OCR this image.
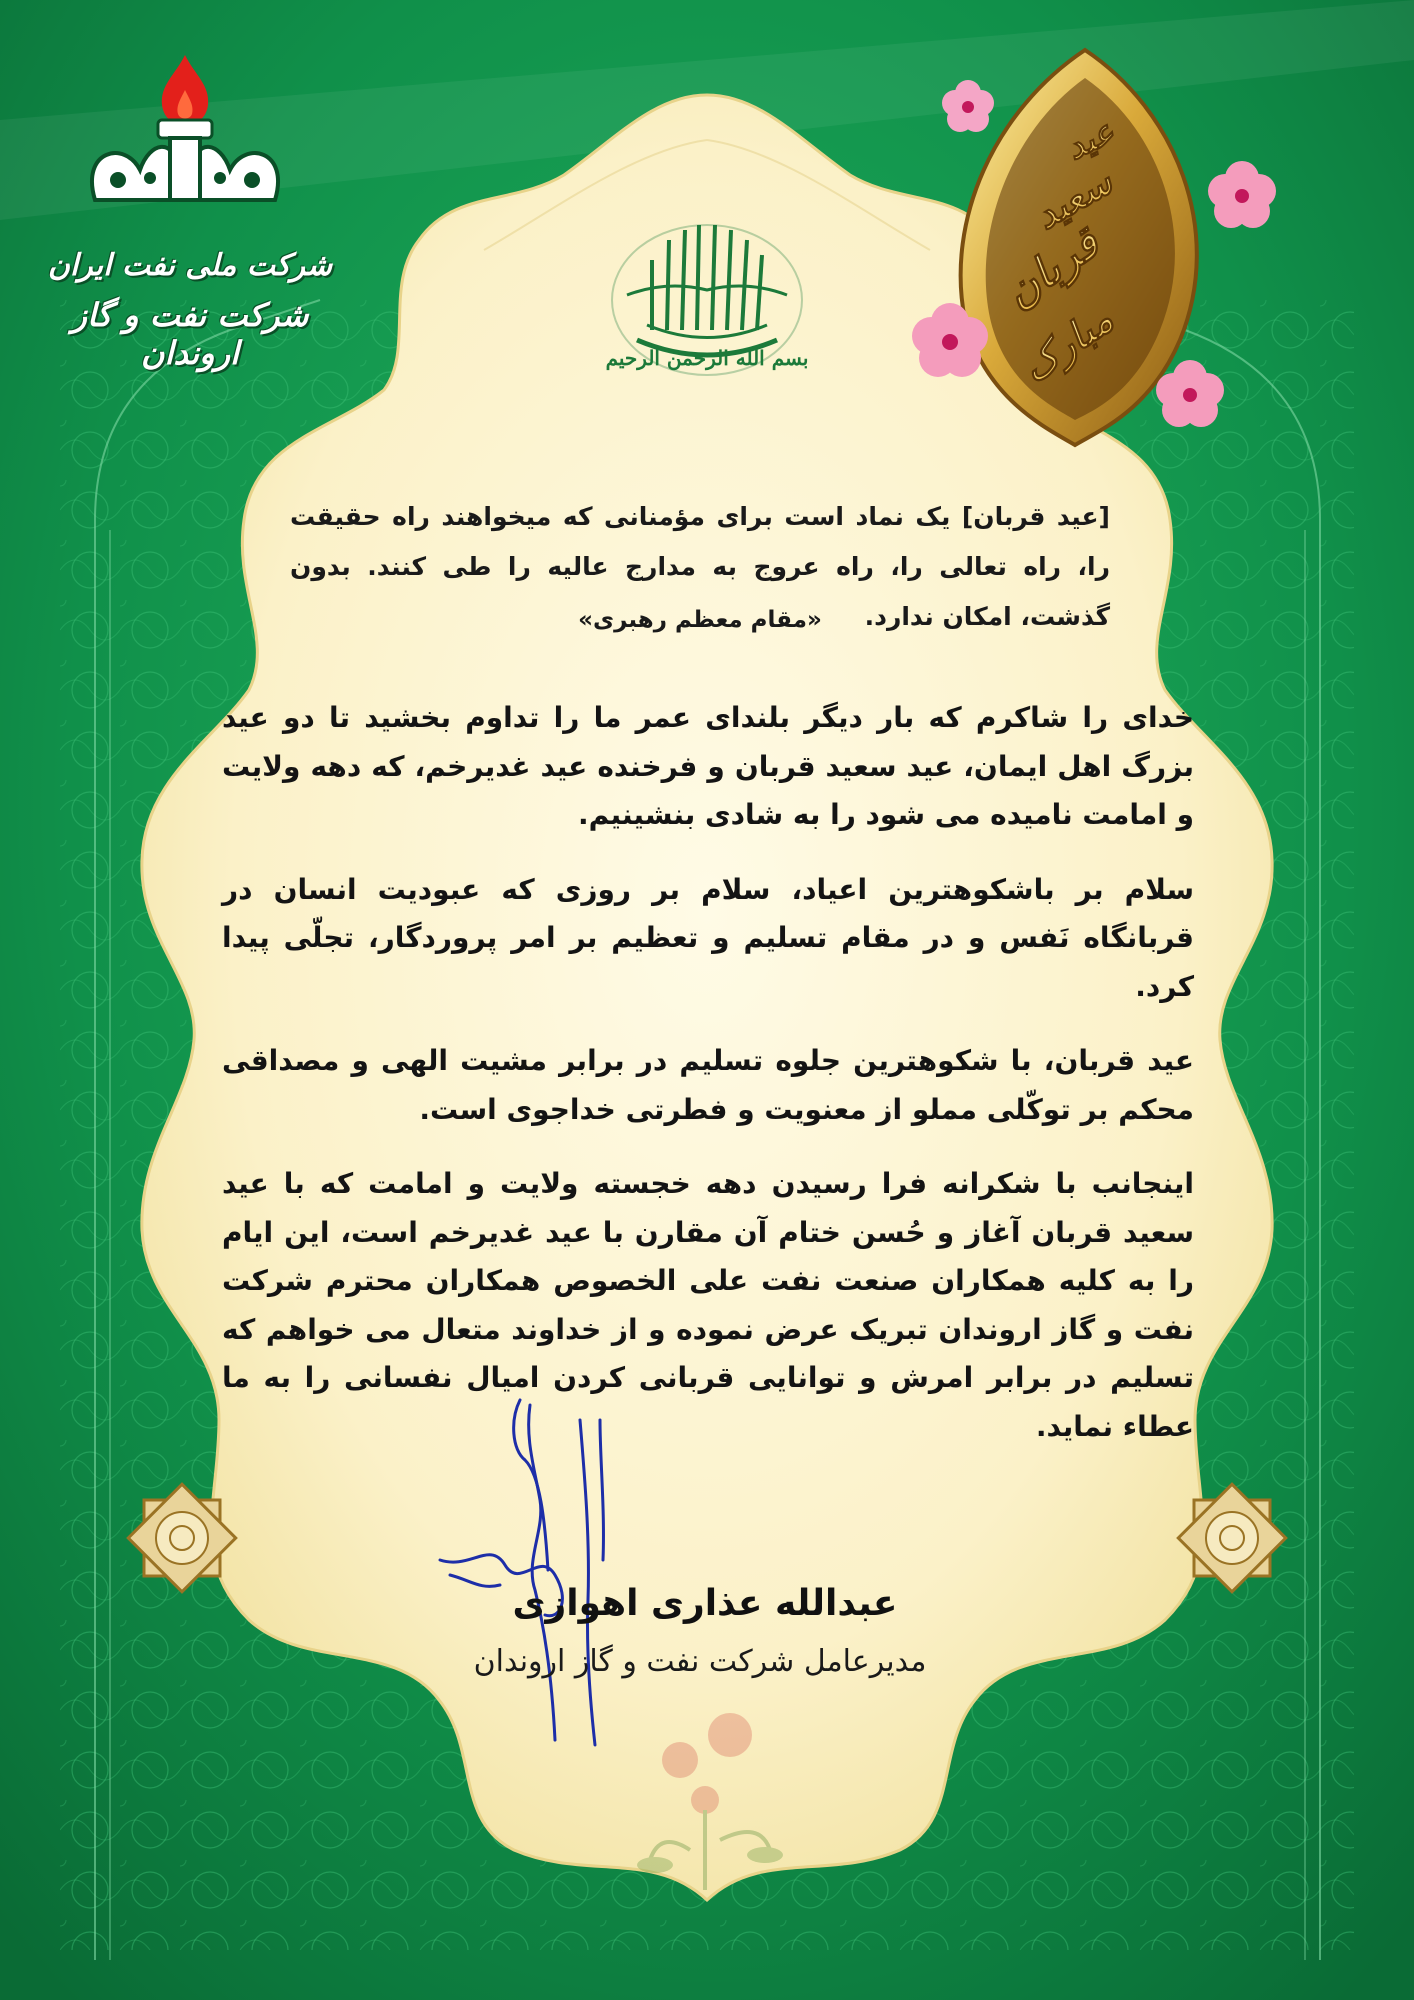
شرکت ملی نفت ایران
شرکت نفت و گاز اروندان
عید
سعید
قربان
مبارک
بسم الله الرحمن الرحیم

[عید قربان] یک نماد است برای مؤمنانی که میخواهند راه حقیقت را، راه تعالی را، راه عروج به مدارج عالیه را طی کنند. بدون گذشت، امکان ندارد.

«مقام معظم رهبری»

خدای را شاکرم که بار دیگر بلندای عمر ما را تداوم بخشید تا دو عید بزرگ اهل ایمان، عید سعید قربان و فرخنده عید غدیرخم، که دهه ولایت و امامت نامیده می شود را به شادی بنشینیم.

سلام بر باشکوهترین اعیاد، سلام بر روزی که عبودیت انسان در قربانگاه نَفس و در مقام تسلیم و تعظیم بر امر پروردگار، تجلّی پیدا کرد.

عید قربان، با شکوهترین جلوه تسلیم در برابر مشیت الهی و مصداقی محکم بر توکّلی مملو از معنویت و فطرتی خداجوی است.

اینجانب با شکرانه فرا رسیدن دهه خجسته ولایت و امامت که با عید سعید قربان آغاز و حُسن ختام آن مقارن با عید غدیرخم است، این ایام را به کلیه همکاران صنعت نفت علی الخصوص همکاران محترم شرکت نفت و گاز اروندان تبریک عرض نموده و از خداوند متعال می خواهم که تسلیم در برابر امرش و توانایی قربانی کردن امیال نفسانی را به ما عطاء نماید.

عبدالله عذاری اهوازی

مدیرعامل شرکت نفت و گاز اروندان
